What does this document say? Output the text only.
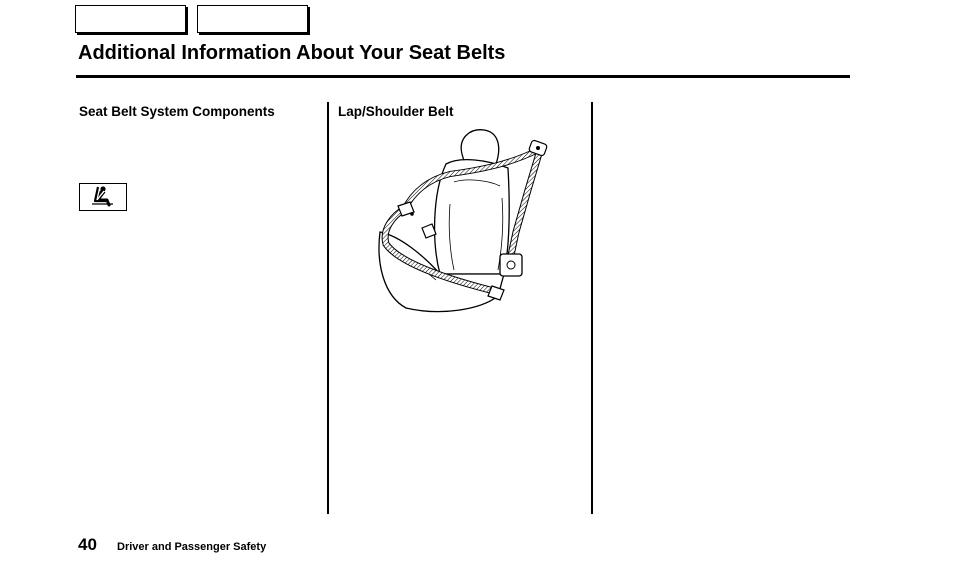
Additional Information About Your Seat Belts
Seat Belt System Components	Lap/Shoulder Belt
40 Driver and Passenger Safety
